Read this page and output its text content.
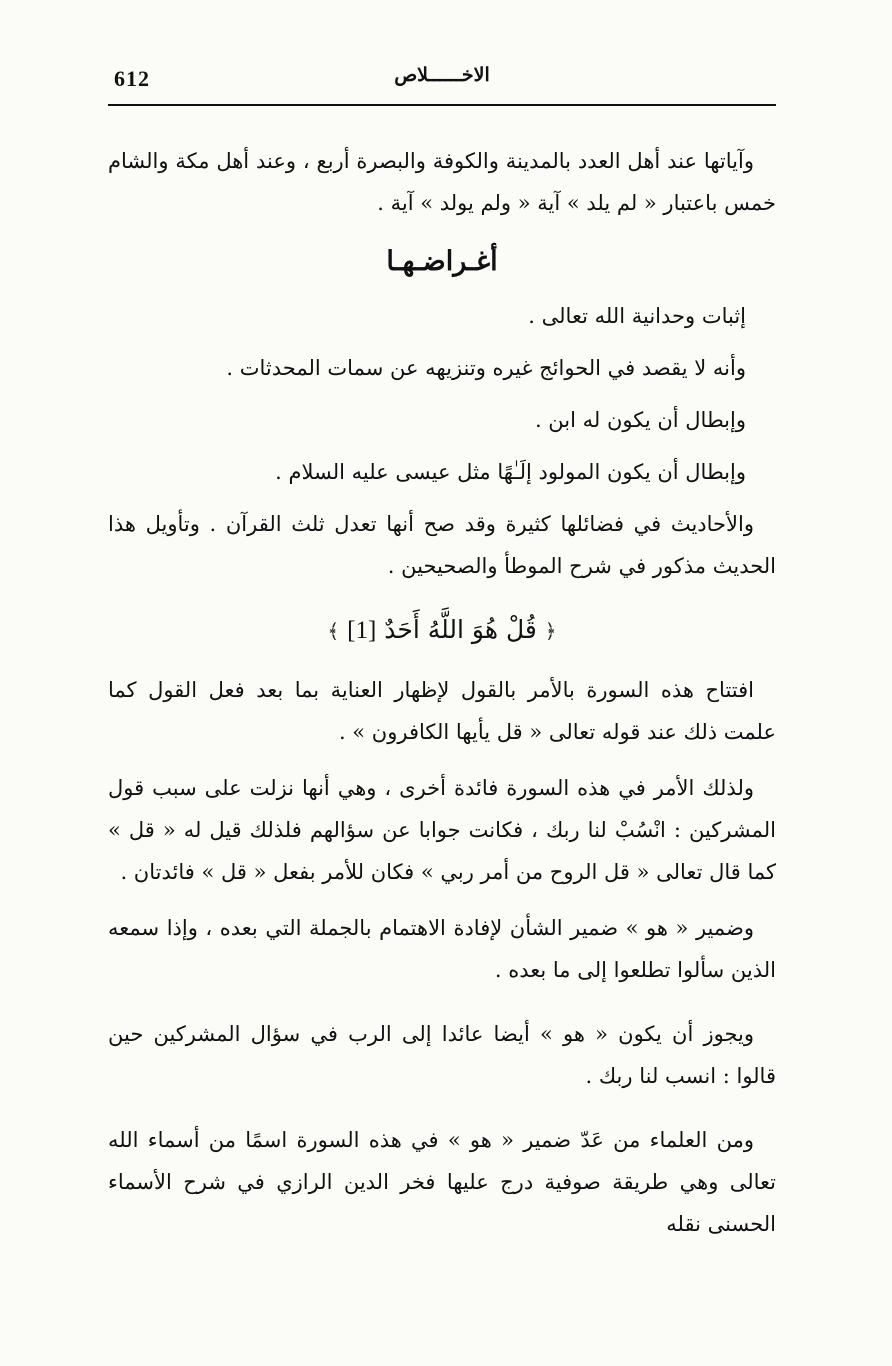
612	الاخــــــلاص

وآياتها عند أهل العدد بالمدينة والكوفة والبصرة أربع ، وعند أهل مكة والشام خمس باعتبار « لم يلد » آية « ولم يولد » آية .

أغـراضـهـا
إثبات وحدانية الله تعالى .
وأنه لا يقصد في الحوائج غيره وتنزيهه عن سمات المحدثات .
وإبطال أن يكون له ابن .
وإبطال أن يكون المولود إلَـٰهًا مثل عيسى عليه السلام .

والأحاديث في فضائلها كثيرة وقد صح أنها تعدل ثلث القرآن . وتأويل هذا الحديث مذكور في شرح الموطأ والصحيحين .

﴿ قُلْ هُوَ اللَّهُ أَحَدٌ [1] ﴾

افتتاح هذه السورة بالأمر بالقول لإظهار العناية بما بعد فعل القول كما علمت ذلك عند قوله تعالى « قل يأيها الكافرون » .

ولذلك الأمر في هذه السورة فائدة أخرى ، وهي أنها نزلت على سبب قول المشركين : انْسُبْ لنا ربك ، فكانت جوابا عن سؤالهم فلذلك قيل له « قل » كما قال تعالى « قل الروح من أمر ربي » فكان للأمر بفعل « قل » فائدتان .

وضمير « هو » ضمير الشأن لإفادة الاهتمام بالجملة التي بعده ، وإذا سمعه الذين سألوا تطلعوا إلى ما بعده .

ويجوز أن يكون « هو » أيضا عائدا إلى الرب في سؤال المشركين حين قالوا : انسب لنا ربك .

ومن العلماء من عَدّ ضمير « هو » في هذه السورة اسمًا من أسماء الله تعالى وهي طريقة صوفية درج عليها فخر الدين الرازي في شرح الأسماء الحسنى نقله
